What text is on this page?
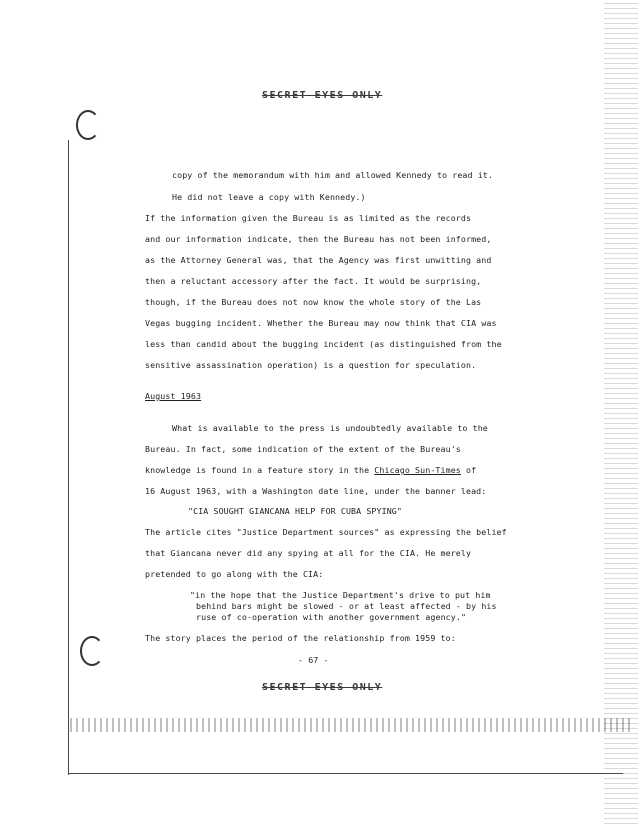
SECRET EYES ONLY
copy of the memorandum with him and allowed Kennedy to read it.
He did not leave a copy with Kennedy.)
If the information given the Bureau is as limited as the records
and our information indicate, then the Bureau has not been informed,
as the Attorney General was, that the Agency was first unwitting and
then a reluctant accessory after the fact. It would be surprising,
though, if the Bureau does not now know the whole story of the Las
Vegas bugging incident. Whether the Bureau may now think that CIA was
less than candid about the bugging incident (as distinguished from the
sensitive assassination operation) is a question for speculation.
August 1963
What is available to the press is undoubtedly available to the
Bureau. In fact, some indication of the extent of the Bureau's
knowledge is found in a feature story in the Chicago Sun-Times of
16 August 1963, with a Washington date line, under the banner lead:
"CIA SOUGHT GIANCANA HELP FOR CUBA SPYING"
The article cites "Justice Department sources" as expressing the belief
that Giancana never did any spying at all for the CIA. He merely
pretended to go along with the CIA:
"in the hope that the Justice Department's drive to put him
behind bars might be slowed - or at least affected - by his
ruse of co-operation with another government agency."
The story places the period of the relationship from 1959 to:
- 67 -
SECRET EYES ONLY
